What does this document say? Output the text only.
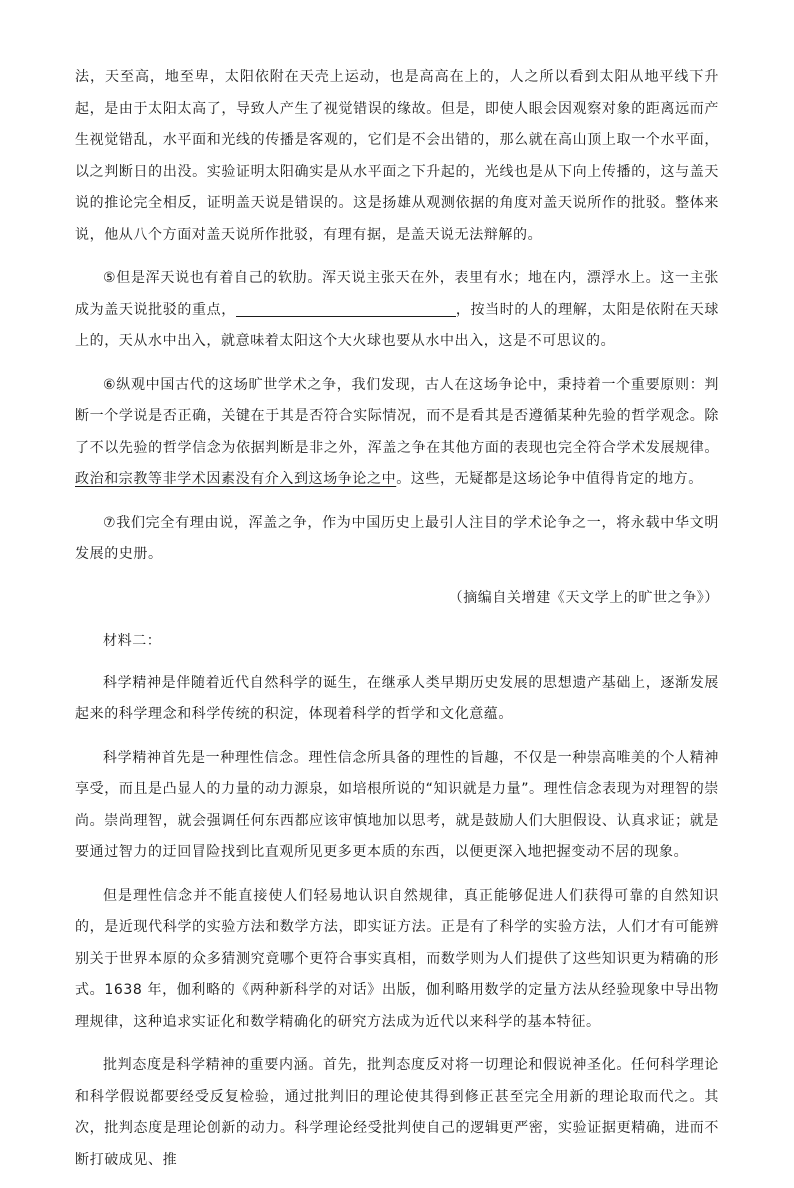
法，天至高，地至卑，太阳依附在天壳上运动，也是高高在上的，人之所以看到太阳从地平线下升起，是由于太阳太高了，导致人产生了视觉错误的缘故。但是，即使人眼会因观察对象的距离远而产生视觉错乱，水平面和光线的传播是客观的，它们是不会出错的，那么就在高山顶上取一个水平面，以之判断日的出没。实验证明太阳确实是从水平面之下升起的，光线也是从下向上传播的，这与盖天说的推论完全相反，证明盖天说是错误的。这是扬雄从观测依据的角度对盖天说所作的批驳。整体来说，他从八个方面对盖天说所作批驳，有理有据，是盖天说无法辩解的。

⑤但是浑天说也有着自己的软肋。浑天说主张天在外，表里有水；地在内，漂浮水上。这一主张成为盖天说批驳的重点，	，按当时的人的理解，太阳是依附在天球上的，天从水中出入，就意味着太阳这个大火球也要从水中出入，这是不可思议的。

⑥纵观中国古代的这场旷世学术之争，我们发现，古人在这场争论中，秉持着一个重要原则：判断一个学说是否正确，关键在于其是否符合实际情况，而不是看其是否遵循某种先验的哲学观念。除了不以先验的哲学信念为依据判断是非之外，浑盖之争在其他方面的表现也完全符合学术发展规律。政治和宗教等非学术因素没有介入到这场争论之中。这些，无疑都是这场论争中值得肯定的地方。

⑦我们完全有理由说，浑盖之争，作为中国历史上最引人注目的学术论争之一，将永载中华文明发展的史册。

（摘编自关增建《天文学上的旷世之争》）

材料二：

科学精神是伴随着近代自然科学的诞生，在继承人类早期历史发展的思想遗产基础上，逐渐发展起来的科学理念和科学传统的积淀，体现着科学的哲学和文化意蕴。

科学精神首先是一种理性信念。理性信念所具备的理性的旨趣，不仅是一种崇高唯美的个人精神享受，而且是凸显人的力量的动力源泉，如培根所说的“知识就是力量”。理性信念表现为对理智的崇尚。崇尚理智，就会强调任何东西都应该审慎地加以思考，就是鼓励人们大胆假设、认真求证；就是要通过智力的迂回冒险找到比直观所见更多更本质的东西，以便更深入地把握变动不居的现象。

但是理性信念并不能直接使人们轻易地认识自然规律，真正能够促进人们获得可靠的自然知识的，是近现代科学的实验方法和数学方法，即实证方法。正是有了科学的实验方法，人们才有可能辨别关于世界本原的众多猜测究竟哪个更符合事实真相，而数学则为人们提供了这些知识更为精确的形式。1638 年，伽利略的《两种新科学的对话》出版，伽利略用数学的定量方法从经验现象中导出物理规律，这种追求实证化和数学精确化的研究方法成为近代以来科学的基本特征。

批判态度是科学精神的重要内涵。首先，批判态度反对将一切理论和假说神圣化。任何科学理论和科学假说都要经受反复检验，通过批判旧的理论使其得到修正甚至完全用新的理论取而代之。其次，批判态度是理论创新的动力。科学理论经受批判使自己的逻辑更严密，实验证据更精确，进而不断打破成见、推
